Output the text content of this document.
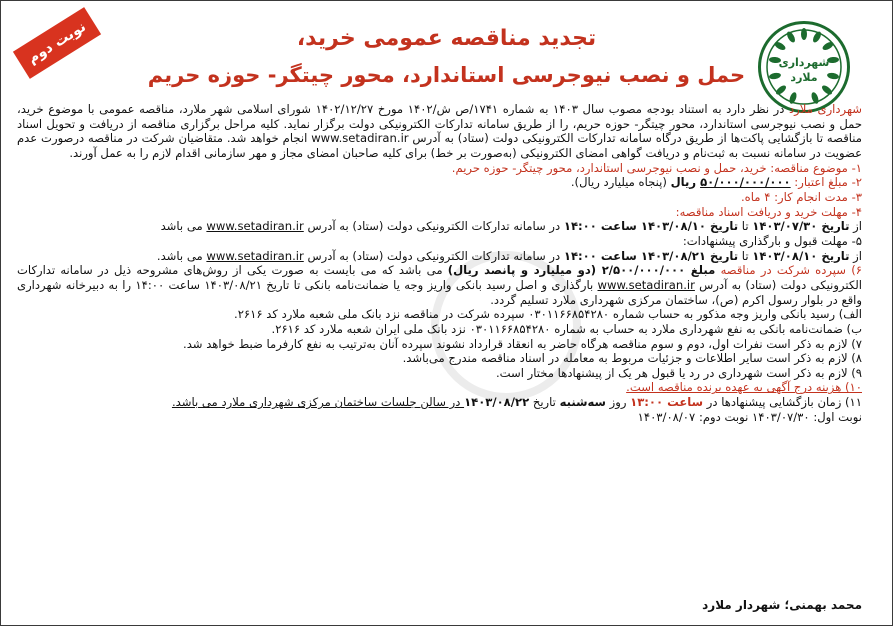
شهرداری
ملارد
نوبت دوم	تجدید مناقصه عمومی خرید،
حمل و نصب نیوجرسی استاندارد، محور چیتگر- حوزه حریم

شهرداری ملارد در نظر دارد به استناد بودجه مصوب سال ۱۴۰۳ به شماره ۱۷۴۱/ص ش/۱۴۰۲ مورخ ۱۴۰۲/۱۲/۲۷ شورای اسلامی شهر ملارد، مناقصه عمومی با موضوع خرید، حمل و نصب نیوجرسی استاندارد، محور چیتگر- حوزه حریم، را از طریق سامانه تدارکات الکترونیکی دولت برگزار نماید. کلیه مراحل برگزاری مناقصه از دریافت و تحویل اسناد مناقصه تا بازگشایی پاکت‌ها از طریق درگاه سامانه تدارکات الکترونیکی دولت (ستاد) به آدرس www.setadiran.ir انجام خواهد شد. متقاضیان شرکت در مناقصه درصورت عدم عضویت در سامانه نسبت به ثبت‌نام و دریافت گواهی امضای الکترونیکی (به‌صورت بر خط) برای کلیه صاحبان امضای مجاز و مهر سازمانی اقدام لازم را به عمل آورند.

۱- موضوع مناقصه: خرید، حمل و نصب نیوجرسی استاندارد، محور چیتگر- حوزه حریم.

۲- مبلغ اعتبار: ۵۰/۰۰۰/۰۰۰/۰۰۰ ریال (پنجاه میلیارد ریال).

۳- مدت انجام کار: ۴ ماه.

۴- مهلت خرید و دریافت اسناد مناقصه:

از تاریخ ۱۴۰۳/۰۷/۳۰ تا تاریخ ۱۴۰۳/۰۸/۱۰ ساعت ۱۴:۰۰ در سامانه تدارکات الکترونیکی دولت (ستاد) به آدرس www.setadiran.ir می باشد

۵- مهلت قبول و بارگذاری پیشنهادات:

از تاریخ ۱۴۰۳/۰۸/۱۰ تا تاریخ ۱۴۰۳/۰۸/۲۱ ساعت ۱۴:۰۰ در سامانه تدارکات الکترونیکی دولت (ستاد) به آدرس www.setadiran.ir می باشد.

۶) سپرده شرکت در مناقصه مبلغ ۲/۵۰۰/۰۰۰/۰۰۰ (دو میلیارد و پانصد ریال) می باشد که می بایست به صورت یکی از روش‌های مشروحه ذیل در سامانه تدارکات الکترونیکی دولت (ستاد) به آدرس www.setadiran.ir بارگذاری و اصل رسید بانکی واریز وجه یا ضمانت‌نامه بانکی تا تاریخ ۱۴۰۳/۰۸/۲۱ ساعت ۱۴:۰۰ را به دبیرخانه شهرداری واقع در بلوار رسول اکرم (ص)، ساختمان مرکزی شهرداری ملارد تسلیم گردد.

الف) رسید بانکی واریز وجه مذکور به حساب شماره ۰۳۰۱۱۶۶۸۵۴۲۸۰ سپرده شرکت در مناقصه نزد بانک ملی شعبه ملارد کد ۲۶۱۶.

ب) ضمانت‌نامه بانکی به نفع شهرداری ملارد به حساب به شماره ۰۳۰۱۱۶۶۸۵۴۲۸۰ نزد بانک ملی ایران شعبه ملارد کد ۲۶۱۶.

۷) لازم به ذکر است نفرات اول، دوم و سوم مناقصه هرگاه حاضر به انعقاد قرارداد نشوند سپرده آنان به‌ترتیب به نفع کارفرما ضبط خواهد شد.

۸) لازم به ذکر است سایر اطلاعات و جزئیات مربوط به معامله در اسناد مناقصه مندرج می‌باشد.

۹) لازم به ذکر است شهرداری در رد یا قبول هر یک از پیشنهادها مختار است.

۱۰) هزینه درج آگهی به عهده برنده مناقصه است.

۱۱) زمان بازگشایی پیشنهادها در ساعت ۱۳:۰۰ روز سه‌شنبه تاریخ ۱۴۰۳/۰۸/۲۲ در سالن جلسات ساختمان مرکزی شهرداری ملارد می باشد.

نوبت اول: ۱۴۰۳/۰۷/۳۰ نوبت دوم: ۱۴۰۳/۰۸/۰۷

محمد بهمنی؛ شهردار ملارد
